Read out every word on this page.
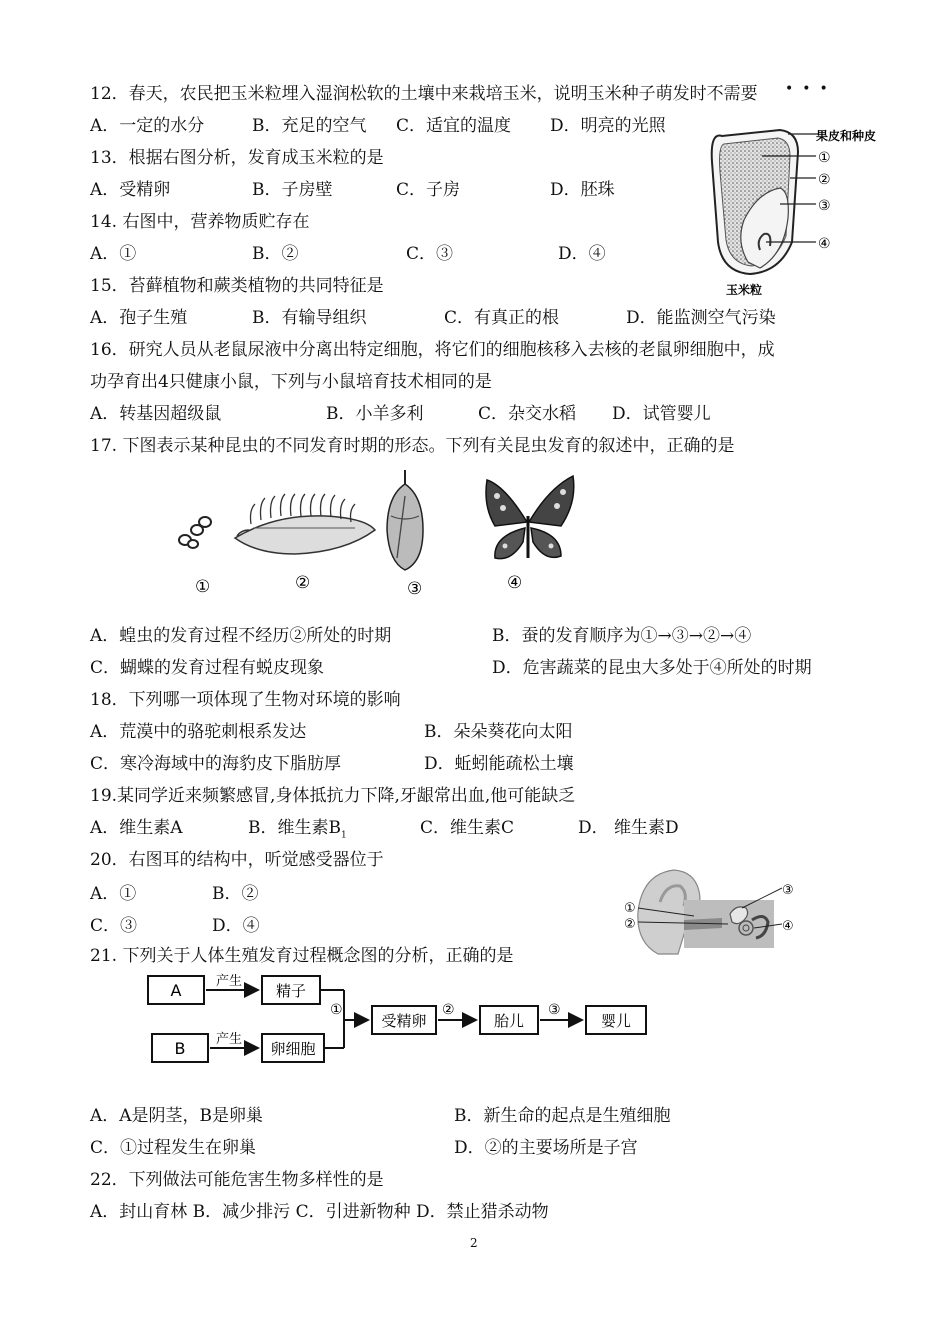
•••
12．春天，农民把玉米粒埋入湿润松软的土壤中来栽培玉米，说明玉米种子萌发时不需要
A．一定的水分	B．充足的空气 C．适宜的温度 D．明亮的光照
13．根据右图分析，发育成玉米粒的是
A．受精卵	B．子房壁	C．子房	D．胚珠
14. 右图中，营养物质贮存在
A．①	B．②	C．③	D．④
果皮和种皮
①
②
③
④
玉米粒
15．苔藓植物和蕨类植物的共同特征是
A．孢子生殖	B．有输导组织	C．有真正的根	D．能监测空气污染
16．研究人员从老鼠尿液中分离出特定细胞，将它们的细胞核移入去核的老鼠卵细胞中，成
功孕育出4只健康小鼠，下列与小鼠培育技术相同的是
A．转基因超级鼠	B．小羊多利	C．杂交水稻 D．试管婴儿
17. 下图表示某种昆虫的不同发育时期的形态。下列有关昆虫发育的叙述中，正确的是
①	②	③	④
A．蝗虫的发育过程不经历②所处的时期	B．蚕的发育顺序为①→③→②→④
C．蝴蝶的发育过程有蜕皮现象	D．危害蔬菜的昆虫大多处于④所处的时期
18．下列哪一项体现了生物对环境的影响
A．荒漠中的骆驼刺根系发达	B．朵朵葵花向太阳
C．寒冷海域中的海豹皮下脂肪厚	D．蚯蚓能疏松土壤
19.某同学近来频繁感冒,身体抵抗力下降,牙龈常出血,他可能缺乏
A．维生素A	B．维生素$B_1$	C．维生素C	D． 维生素D
20．右图耳的结构中，听觉感受器位于
A．①	B．②
C．③	D．④
③
①
②	④
21. 下列关于人体生殖发育过程概念图的分析，正确的是
A
B
产生
产生
精子
卵细胞
①
受精卵
②
胎儿
③
婴儿
A．A是阴茎，B是卵巢	B．新生命的起点是生殖细胞
C．①过程发生在卵巢	D．②的主要场所是子宫
22．下列做法可能危害生物多样性的是
A．封山育林 B．减少排污 C．引进新物种 D．禁止猎杀动物
2
